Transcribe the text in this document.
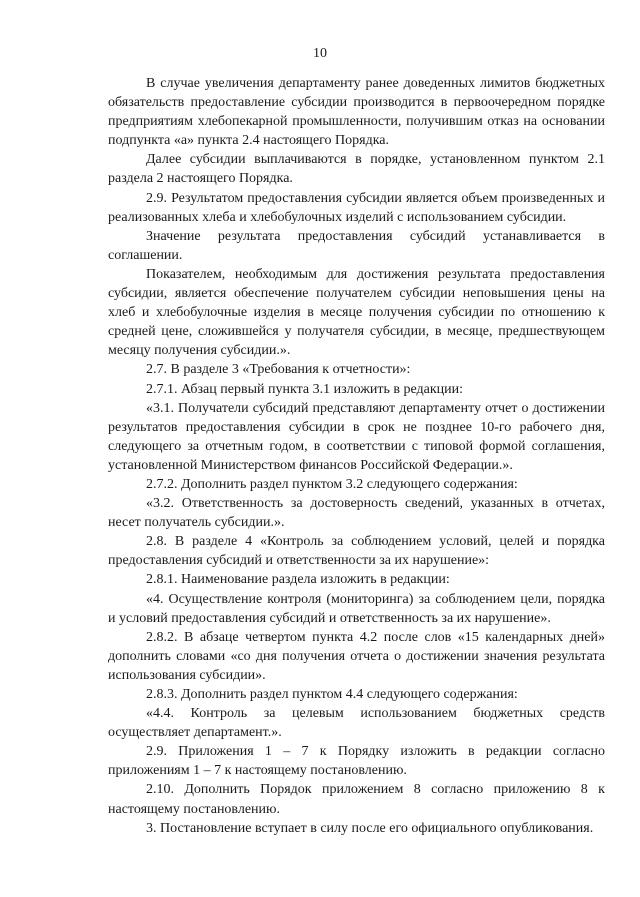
10

В случае увеличения департаменту ранее доведенных лимитов бюджетных обязательств предоставление субсидии производится в первоочередном порядке предприятиям хлебопекарной промышленности, получившим отказ на основании подпункта «а» пункта 2.4 настоящего Порядка.

Далее субсидии выплачиваются в порядке, установленном пунктом 2.1 раздела 2 настоящего Порядка.

2.9. Результатом предоставления субсидии является объем произведенных и реализованных хлеба и хлебобулочных изделий с использованием субсидии.

Значение результата предоставления субсидий устанавливается в соглашении.

Показателем, необходимым для достижения результата предоставления субсидии, является обеспечение получателем субсидии неповышения цены на хлеб и хлебобулочные изделия в месяце получения субсидии по отношению к средней цене, сложившейся у получателя субсидии, в месяце, предшествующем месяцу получения субсидии.».

2.7. В разделе 3 «Требования к отчетности»:

2.7.1. Абзац первый пункта 3.1 изложить в редакции:

«3.1. Получатели субсидий представляют департаменту отчет о достижении результатов предоставления субсидии в срок не позднее 10-го рабочего дня, следующего за отчетным годом, в соответствии с типовой формой соглашения, установленной Министерством финансов Российской Федерации.».

2.7.2. Дополнить раздел пунктом 3.2 следующего содержания:

«3.2. Ответственность за достоверность сведений, указанных в отчетах, несет получатель субсидии.».

2.8. В разделе 4 «Контроль за соблюдением условий, целей и порядка предоставления субсидий и ответственности за их нарушение»:

2.8.1. Наименование раздела изложить в редакции:

«4. Осуществление контроля (мониторинга) за соблюдением цели, порядка и условий предоставления субсидий и ответственность за их нарушение».

2.8.2. В абзаце четвертом пункта 4.2 после слов «15 календарных дней» дополнить словами «со дня получения отчета о достижении значения результата использования субсидии».

2.8.3. Дополнить раздел пунктом 4.4 следующего содержания:

«4.4. Контроль за целевым использованием бюджетных средств осуществляет департамент.».

2.9. Приложения 1 – 7 к Порядку изложить в редакции согласно приложениям 1 – 7 к настоящему постановлению.

2.10. Дополнить Порядок приложением 8 согласно приложению 8 к настоящему постановлению.

3. Постановление вступает в силу после его официального опубликования.
